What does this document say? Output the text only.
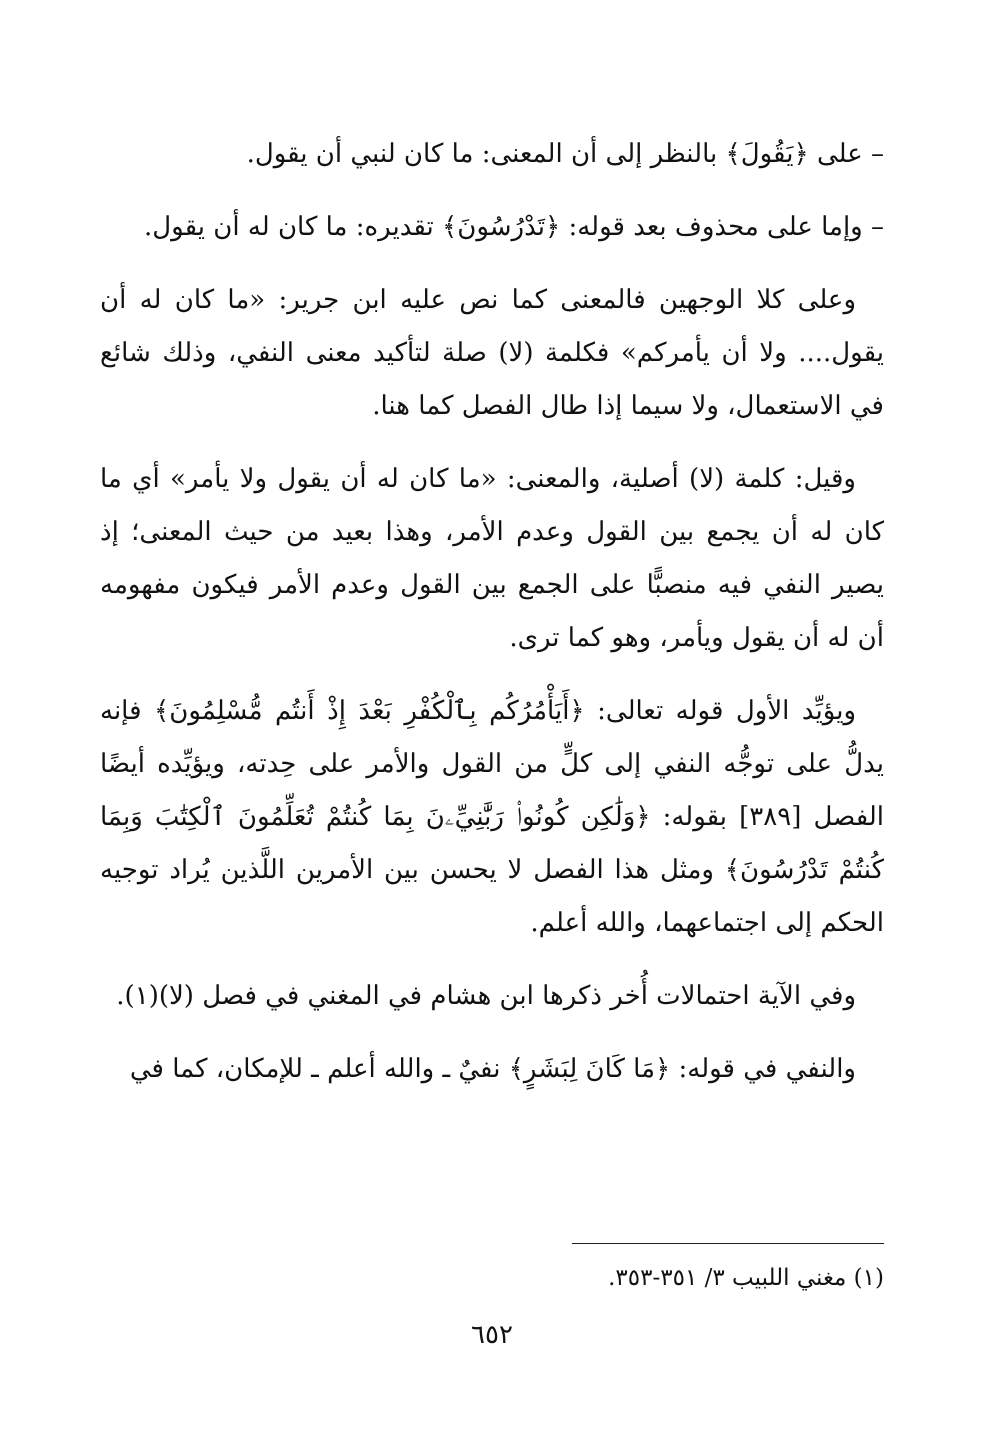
– على ﴿يَقُولَ﴾ بالنظر إلى أن المعنى: ما كان لنبي أن يقول.

– وإما على محذوف بعد قوله: ﴿تَدْرُسُونَ﴾ تقديره: ما كان له أن يقول.

وعلى كلا الوجهين فالمعنى كما نص عليه ابن جرير: «ما كان له أن يقول.... ولا أن يأمركم» فكلمة (لا) صلة لتأكيد معنى النفي، وذلك شائع في الاستعمال، ولا سيما إذا طال الفصل كما هنا.

وقيل: كلمة (لا) أصلية، والمعنى: «ما كان له أن يقول ولا يأمر» أي ما كان له أن يجمع بين القول وعدم الأمر، وهذا بعيد من حيث المعنى؛ إذ يصير النفي فيه منصبًّا على الجمع بين القول وعدم الأمر فيكون مفهومه أن له أن يقول ويأمر، وهو كما ترى.

ويؤيِّد الأول قوله تعالى: ﴿أَيَأْمُرُكُم بِٱلْكُفْرِ بَعْدَ إِذْ أَنتُم مُّسْلِمُونَ﴾ فإنه يدلُّ على توجُّه النفي إلى كلٍّ من القول والأمر على حِدته، ويؤيِّده أيضًا الفصل [٣٨٩] بقوله: ﴿وَلَٰكِن كُونُوا۟ رَبَّٰنِيِّۦنَ بِمَا كُنتُمْ تُعَلِّمُونَ ٱلْكِتَٰبَ وَبِمَا كُنتُمْ تَدْرُسُونَ﴾ ومثل هذا الفصل لا يحسن بين الأمرين اللَّذين يُراد توجيه الحكم إلى اجتماعهما، والله أعلم.

وفي الآية احتمالات أُخر ذكرها ابن هشام في المغني في فصل (لا)(١).

والنفي في قوله: ﴿مَا كَانَ لِبَشَرٍ﴾ نفيٌ ـ والله أعلم ـ للإمكان، كما في

(١) مغني اللبيب ٣/ ٣٥١-٣٥٣.
٦٥٢
